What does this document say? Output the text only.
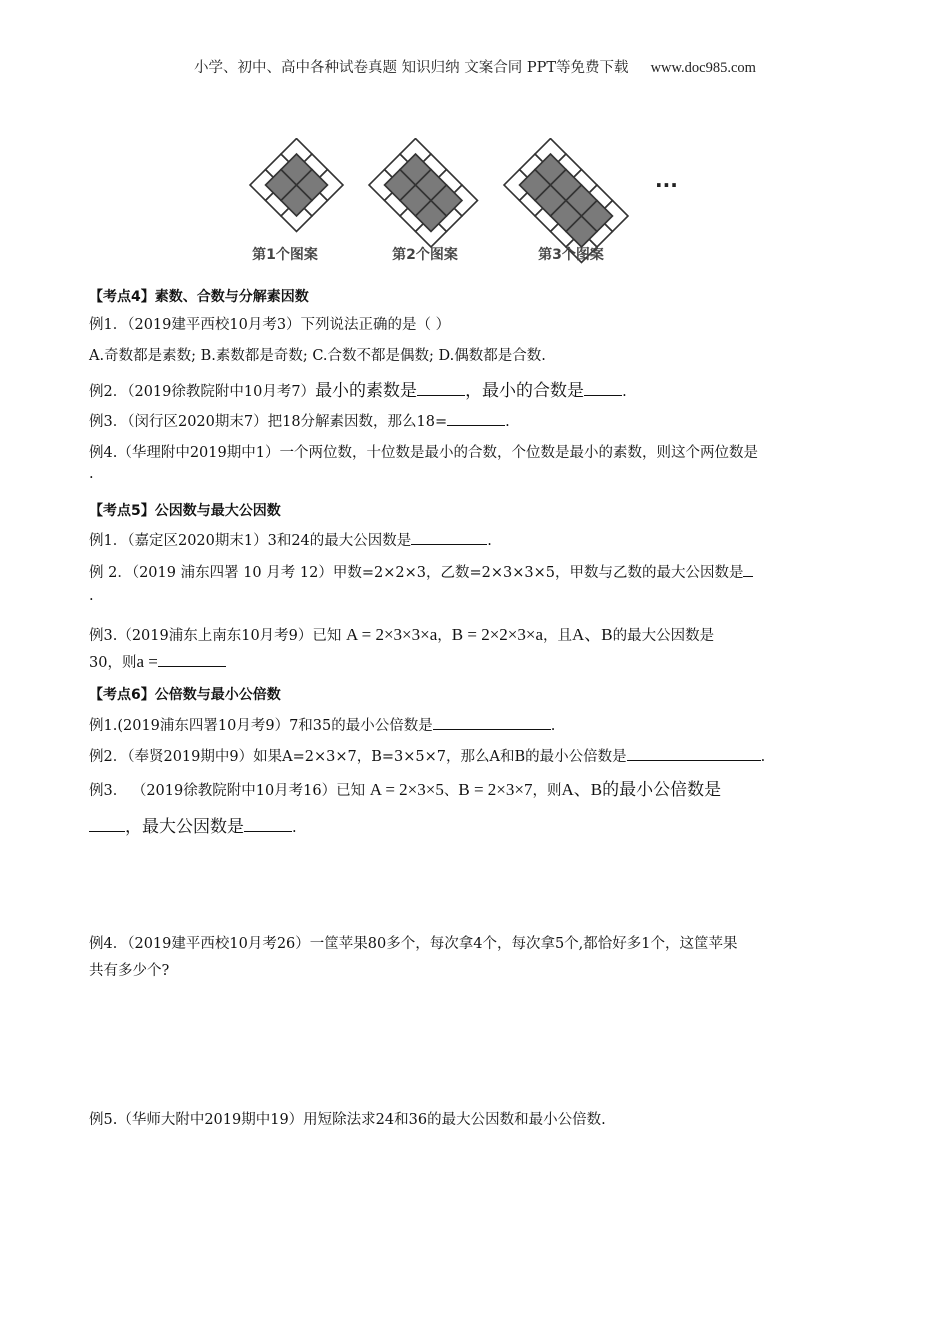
小学、初中、高中各种试卷真题 知识归纳 文案合同 PPT等免费下载 www.doc985.com
第1个图案	第2个图案	第3个图案
···
【考点4】素数、合数与分解素因数
例1．（2019建平西校10月考3）下列说法正确的是（ ）
A.奇数都是素数; B.素数都是奇数; C.合数不都是偶数; D.偶数都是合数.
例2．（2019徐教院附中10月考7）最小的素数是	，最小的合数是	.
例3．（闵行区2020期末7）把18分解素因数，那么18=	.
例4.（华理附中2019期中1）一个两位数，十位数是最小的合数，个位数是最小的素数，则这个两位数是
.
【考点5】公因数与最大公因数
例1．（嘉定区2020期末1）3和24的最大公因数是	.
例 2．（2019 浦东四署 10 月考 12）甲数=2×2×3，乙数=2×3×3×5，甲数与乙数的最大公因数是
.
例3.（2019浦东上南东10月考9）已知 A = 2×3×3×a，B = 2×2×3×a，且A、B的最大公因数是
30，则a =
【考点6】公倍数与最小公倍数
例1.(2019浦东四署10月考9）7和35的最小公倍数是	.
例2．（奉贤2019期中9）如果A=2×3×7，B=3×5×7，那么A和B的最小公倍数是	.
例3． （2019徐教院附中10月考16）已知 A = 2×3×5、B = 2×3×7，则A、B的最小公倍数是
，最大公因数是	.
例4．（2019建平西校10月考26）一筐苹果80多个，每次拿4个，每次拿5个,都恰好多1个，这筐苹果
共有多少个?
例5.（华师大附中2019期中19）用短除法求24和36的最大公因数和最小公倍数.
